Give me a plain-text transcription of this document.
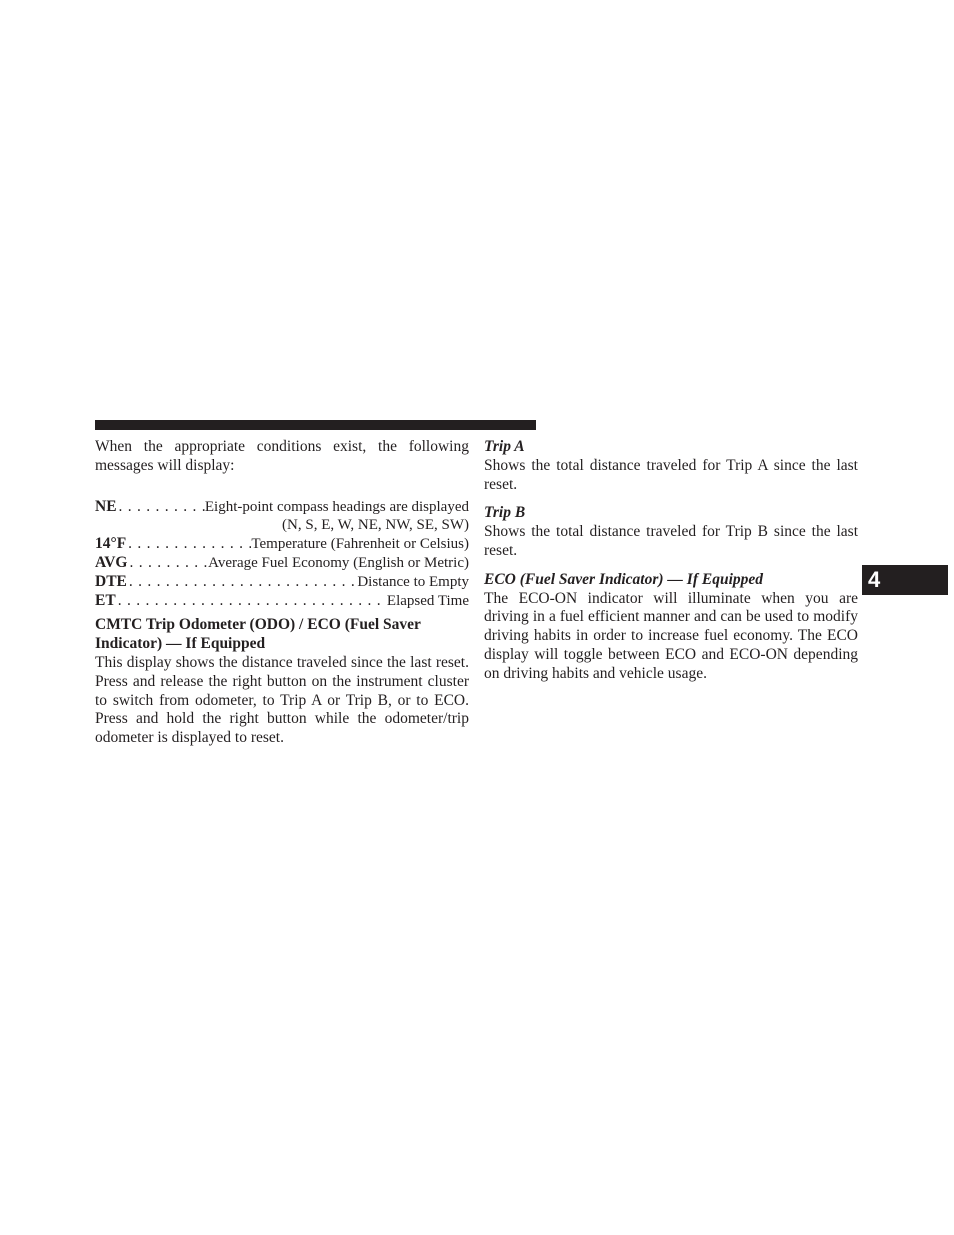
When the appropriate conditions exist, the following messages will display:

NE . . .	Eight-point compass headings are displayed
(N, S, E, W, NE, NW, SE, SW)
14°F . . .	Temperature (Fahrenheit or Celsius)
AVG . . .	Average Fuel Economy (English or Metric)
DTE . . .	Distance to Empty
ET . . .	Elapsed Time

CMTC Trip Odometer (ODO) / ECO (Fuel Saver Indicator) — If Equipped

This display shows the distance traveled since the last reset. Press and release the right button on the instrument cluster to switch from odometer, to Trip A or Trip B, or to ECO. Press and hold the right button while the odometer/trip odometer is displayed to reset.

Trip A

Shows the total distance traveled for Trip A since the last reset.

Trip B

Shows the total distance traveled for Trip B since the last reset.

ECO (Fuel Saver Indicator) — If Equipped

The ECO-ON indicator will illuminate when you are driving in a fuel efficient manner and can be used to modify driving habits in order to increase fuel economy. The ECO display will toggle between ECO and ECO-ON depending on driving habits and vehicle usage.

4
